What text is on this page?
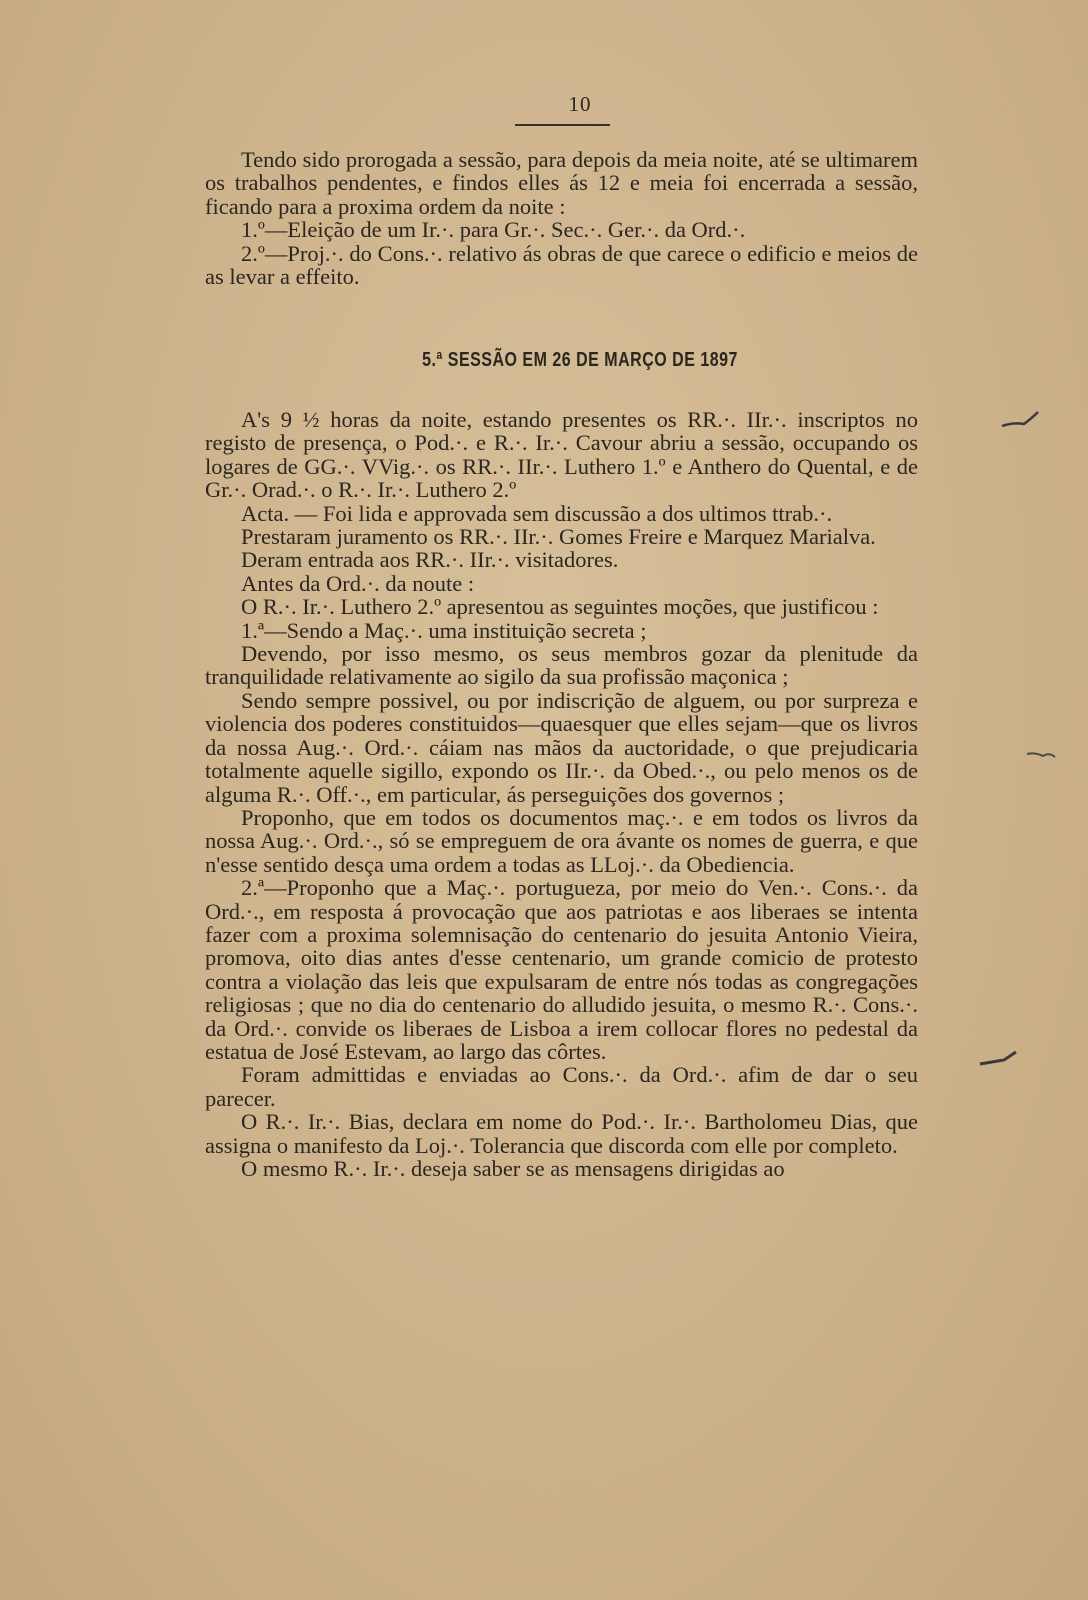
10

Tendo sido prorogada a sessão, para depois da meia noite, até se ultimarem os trabalhos pendentes, e findos elles ás 12 e meia foi encerrada a sessão, ficando para a proxima ordem da noite :

1.º—Eleição de um Ir.·. para Gr.·. Sec.·. Ger.·. da Ord.·.

2.º—Proj.·. do Cons.·. relativo ás obras de que carece o edificio e meios de as levar a effeito.

5.ª SESSÃO EM 26 DE MARÇO DE 1897

A's 9 ½ horas da noite, estando presentes os RR.·. IIr.·. inscriptos no registo de presença, o Pod.·. e R.·. Ir.·. Cavour abriu a sessão, occupando os logares de GG.·. VVig.·. os RR.·. IIr.·. Luthero 1.º e Anthero do Quental, e de Gr.·. Orad.·. o R.·. Ir.·. Luthero 2.º

Acta. — Foi lida e approvada sem discussão a dos ultimos ttrab.·.

Prestaram juramento os RR.·. IIr.·. Gomes Freire e Marquez Marialva.

Deram entrada aos RR.·. IIr.·. visitadores.

Antes da Ord.·. da noute :

O R.·. Ir.·. Luthero 2.º apresentou as seguintes moções, que justificou :

1.ª—Sendo a Maç.·. uma instituição secreta ;

Devendo, por isso mesmo, os seus membros gozar da plenitude da tranquilidade relativamente ao sigilo da sua profissão maçonica ;

Sendo sempre possivel, ou por indiscrição de alguem, ou por surpreza e violencia dos poderes constituidos—quaesquer que elles sejam—que os livros da nossa Aug.·. Ord.·. cáiam nas mãos da auctoridade, o que prejudicaria totalmente aquelle sigillo, expondo os IIr.·. da Obed.·., ou pelo menos os de alguma R.·. Off.·., em particular, ás perseguições dos governos ;

Proponho, que em todos os documentos maç.·. e em todos os livros da nossa Aug.·. Ord.·., só se empreguem de ora ávante os nomes de guerra, e que n'esse sentido desça uma ordem a todas as LLoj.·. da Obediencia.

2.ª—Proponho que a Maç.·. portugueza, por meio do Ven.·. Cons.·. da Ord.·., em resposta á provocação que aos patriotas e aos liberaes se intenta fazer com a proxima solemnisação do centenario do jesuita Antonio Vieira, promova, oito dias antes d'esse centenario, um grande comicio de protesto contra a violação das leis que expulsaram de entre nós todas as congregações religiosas ; que no dia do centenario do alludido jesuita, o mesmo R.·. Cons.·. da Ord.·. convide os liberaes de Lisboa a irem collocar flores no pedestal da estatua de José Estevam, ao largo das côrtes.

Foram admittidas e enviadas ao Cons.·. da Ord.·. afim de dar o seu parecer.

O R.·. Ir.·. Bias, declara em nome do Pod.·. Ir.·. Bartholomeu Dias, que assigna o manifesto da Loj.·. Tolerancia que discorda com elle por completo.

O mesmo R.·. Ir.·. deseja saber se as mensagens dirigidas ao
